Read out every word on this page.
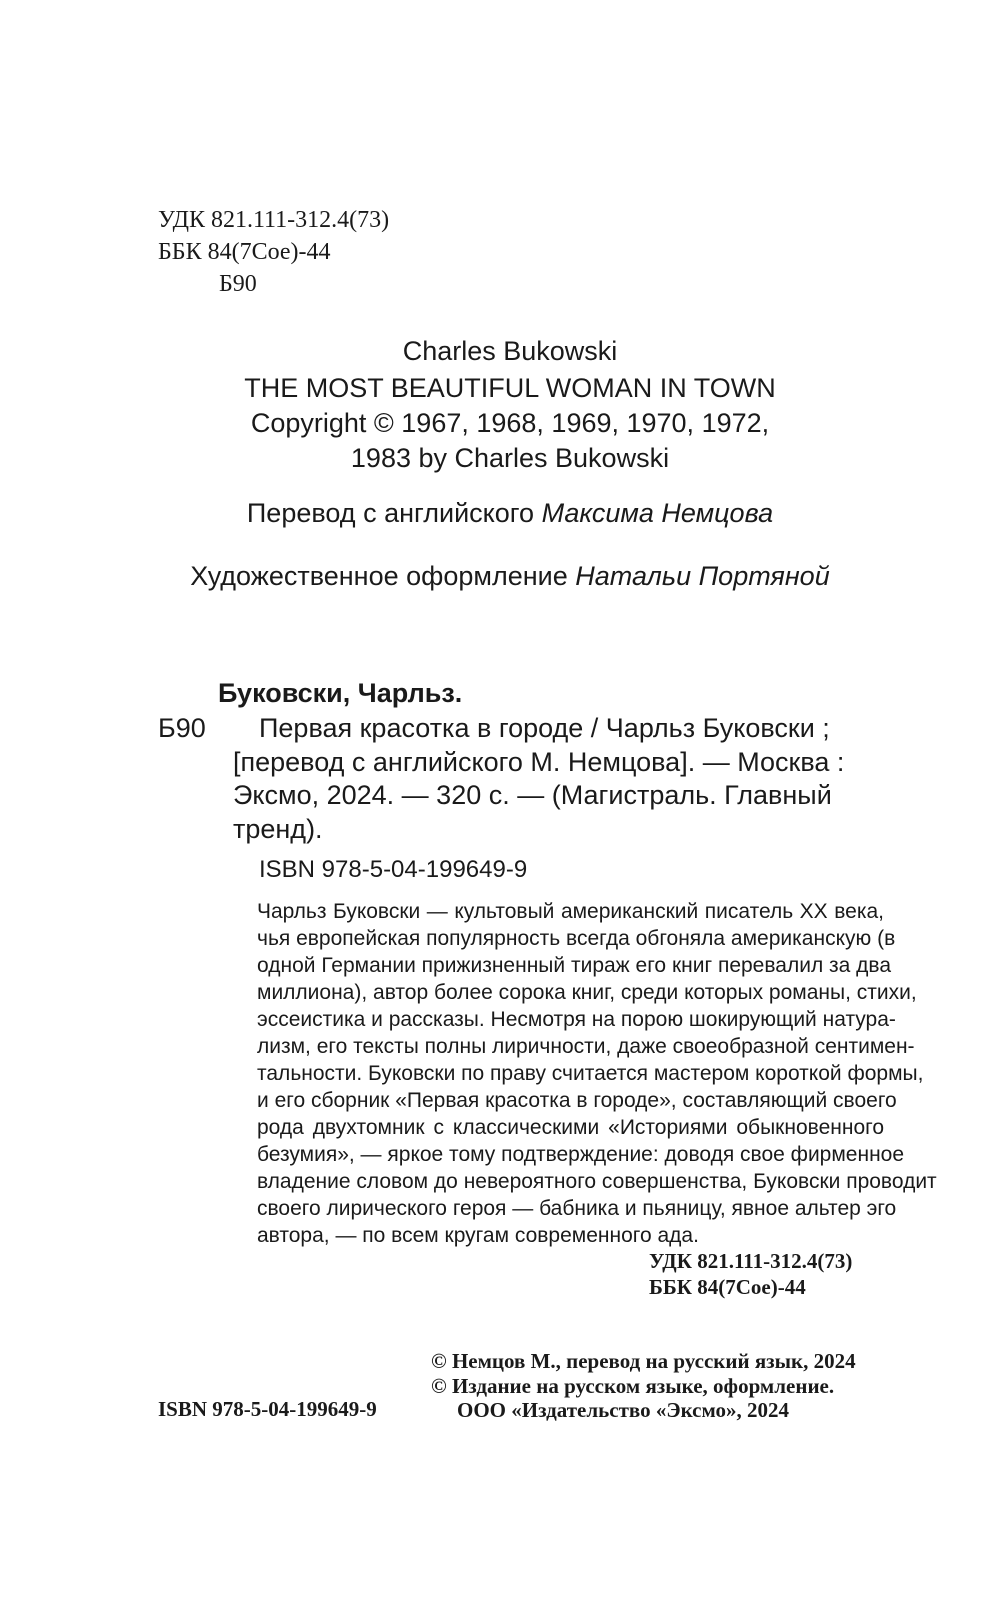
УДК 821.111-312.4(73)
ББК 84(7Сое)-44
Б90
Charles Bukowski
THE MOST BEAUTIFUL WOMAN IN TOWN
Copyright © 1967, 1968, 1969, 1970, 1972,
1983 by Charles Bukowski
Перевод с английского Максима Немцова
Художественное оформление Натальи Портяной
Буковски, Чарльз.
Б90 Первая красотка в городе / Чарльз Буковски ;
[перевод с английского М. Немцова]. — Москва :
Эксмо, 2024. — 320 с. — (Магистраль. Главный
тренд).
ISBN 978-5-04-199649-9
Чарльз Буковски — культовый американский писатель XX века,
чья европейская популярность всегда обгоняла американскую (в
одной Германии прижизненный тираж его книг перевалил за два
миллиона), автор более сорока книг, среди которых романы, стихи,
эссеистика и рассказы. Несмотря на порою шокирующий натура-
лизм, его тексты полны лиричности, даже своеобразной сентимен-
тальности. Буковски по праву считается мастером короткой формы,
и его сборник «Первая красотка в городе», составляющий своего
рода двухтомник с классическими «Историями обыкновенного
безумия», — яркое тому подтверждение: доводя свое фирменное
владение словом до невероятного совершенства, Буковски проводит
своего лирического героя — бабника и пьяницу, явное альтер эго
автора, — по всем кругам современного ада.
УДК 821.111-312.4(73)
ББК 84(7Сое)-44
ISBN 978-5-04-199649-9
© Немцов М., перевод на русский язык, 2024
© Издание на русском языке, оформление.
ООО «Издательство «Эксмо», 2024
